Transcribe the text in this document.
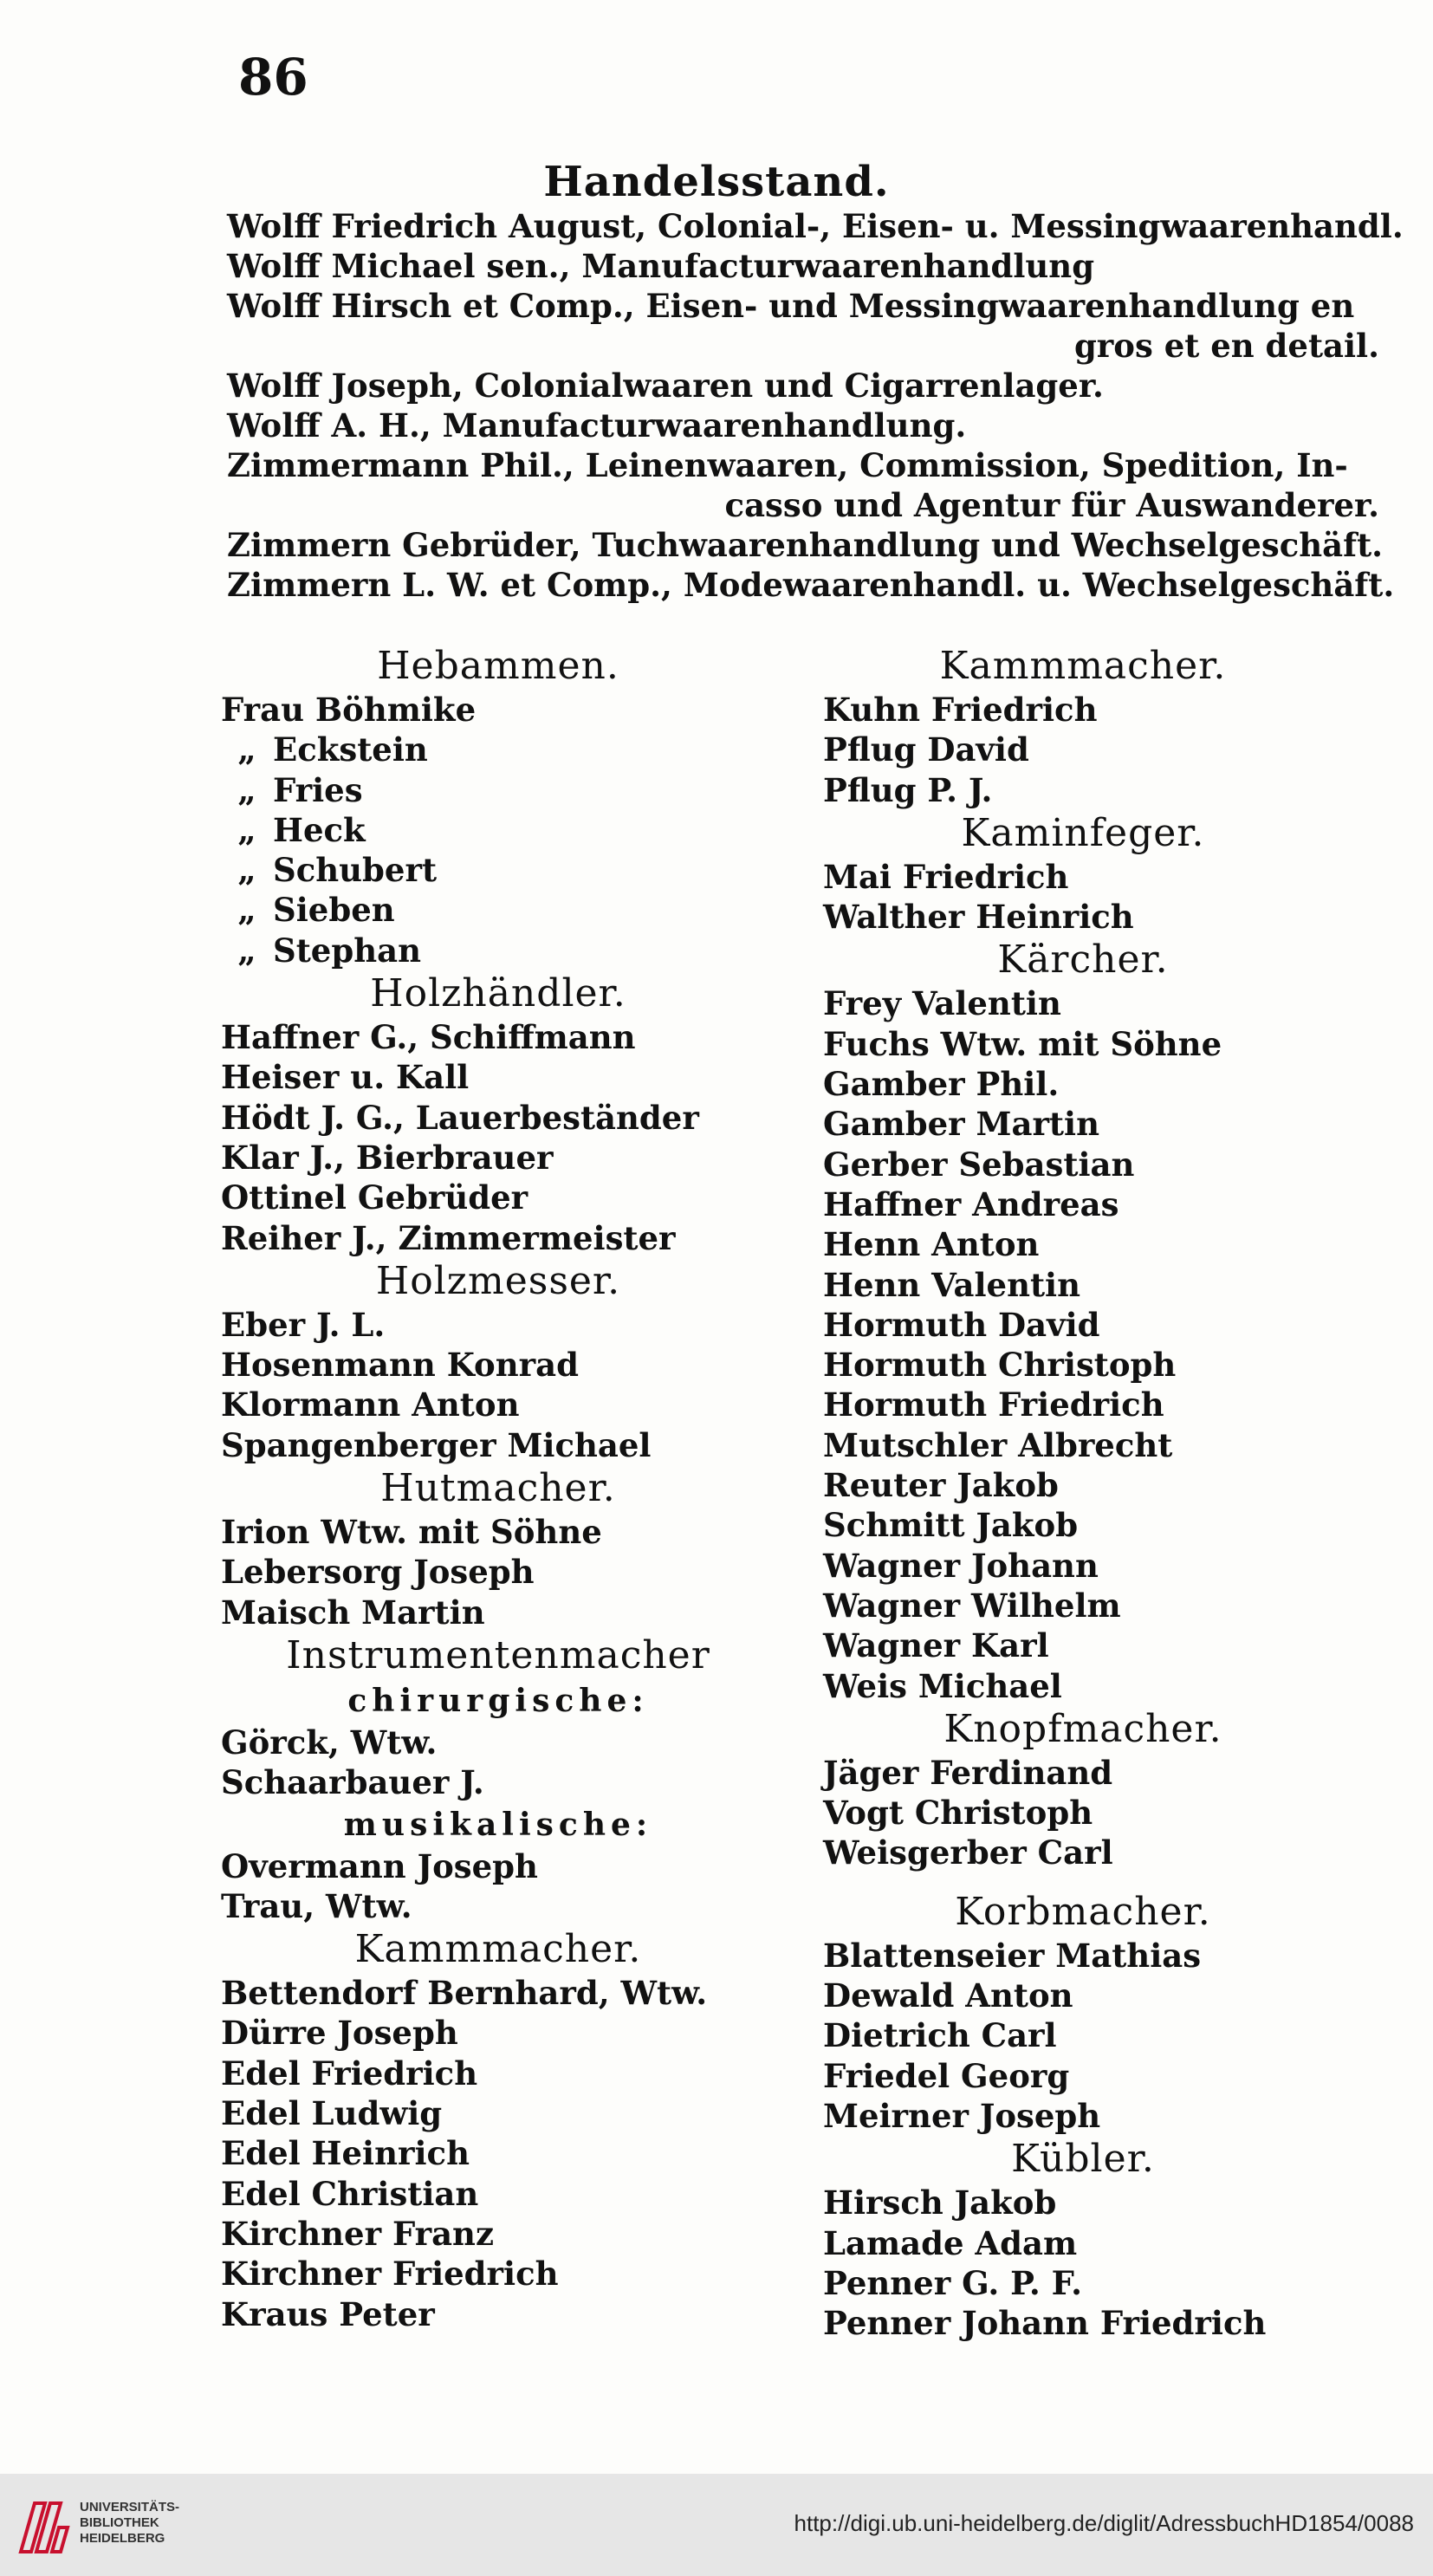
86
Handelsstand.
Wolff Friedrich August, Colonial-, Eisen- u. Messingwaarenhandl.
Wolff Michael sen., Manufacturwaarenhandlung
Wolff Hirsch et Comp., Eisen- und Messingwaarenhandlung en
gros et en detail.
Wolff Joseph, Colonialwaaren und Cigarrenlager.
Wolff A. H., Manufacturwaarenhandlung.
Zimmermann Phil., Leinenwaaren, Commission, Spedition, In-
casso und Agentur für Auswanderer.
Zimmern Gebrüder, Tuchwaarenhandlung und Wechselgeschäft.
Zimmern L. W. et Comp., Modewaarenhandl. u. Wechselgeschäft.
Hebammen.
Frau Böhmike
„ Eckstein
„ Fries
„ Heck
„ Schubert
„ Sieben
„ Stephan
Holzhändler.
Haffner G., Schiffmann
Heiser u. Kall
Hödt J. G., Lauerbeständer
Klar J., Bierbrauer
Ottinel Gebrüder
Reiher J., Zimmermeister
Holzmesser.
Eber J. L.
Hosenmann Konrad
Klormann Anton
Spangenberger Michael
Hutmacher.
Irion Wtw. mit Söhne
Lebersorg Joseph
Maisch Martin
Instrumentenmacher
chirurgische:
Görck, Wtw.
Schaarbauer J.
musikalische:
Overmann Joseph
Trau, Wtw.
Kammmacher.
Bettendorf Bernhard, Wtw.
Dürre Joseph
Edel Friedrich
Edel Ludwig
Edel Heinrich
Edel Christian
Kirchner Franz
Kirchner Friedrich
Kraus Peter
Kammmacher.
Kuhn Friedrich
Pflug David
Pflug P. J.
Kaminfeger.
Mai Friedrich
Walther Heinrich
Kärcher.
Frey Valentin
Fuchs Wtw. mit Söhne
Gamber Phil.
Gamber Martin
Gerber Sebastian
Haffner Andreas
Henn Anton
Henn Valentin
Hormuth David
Hormuth Christoph
Hormuth Friedrich
Mutschler Albrecht
Reuter Jakob
Schmitt Jakob
Wagner Johann
Wagner Wilhelm
Wagner Karl
Weis Michael
Knopfmacher.
Jäger Ferdinand
Vogt Christoph
Weisgerber Carl
Korbmacher.
Blattenseier Mathias
Dewald Anton
Dietrich Carl
Friedel Georg
Meirner Joseph
Kübler.
Hirsch Jakob
Lamade Adam
Penner G. P. F.
Penner Johann Friedrich
UNIVERSITÄTS-
BIBLIOTHEK
HEIDELBERG
http://digi.ub.uni-heidelberg.de/diglit/AdressbuchHD1854/0088
